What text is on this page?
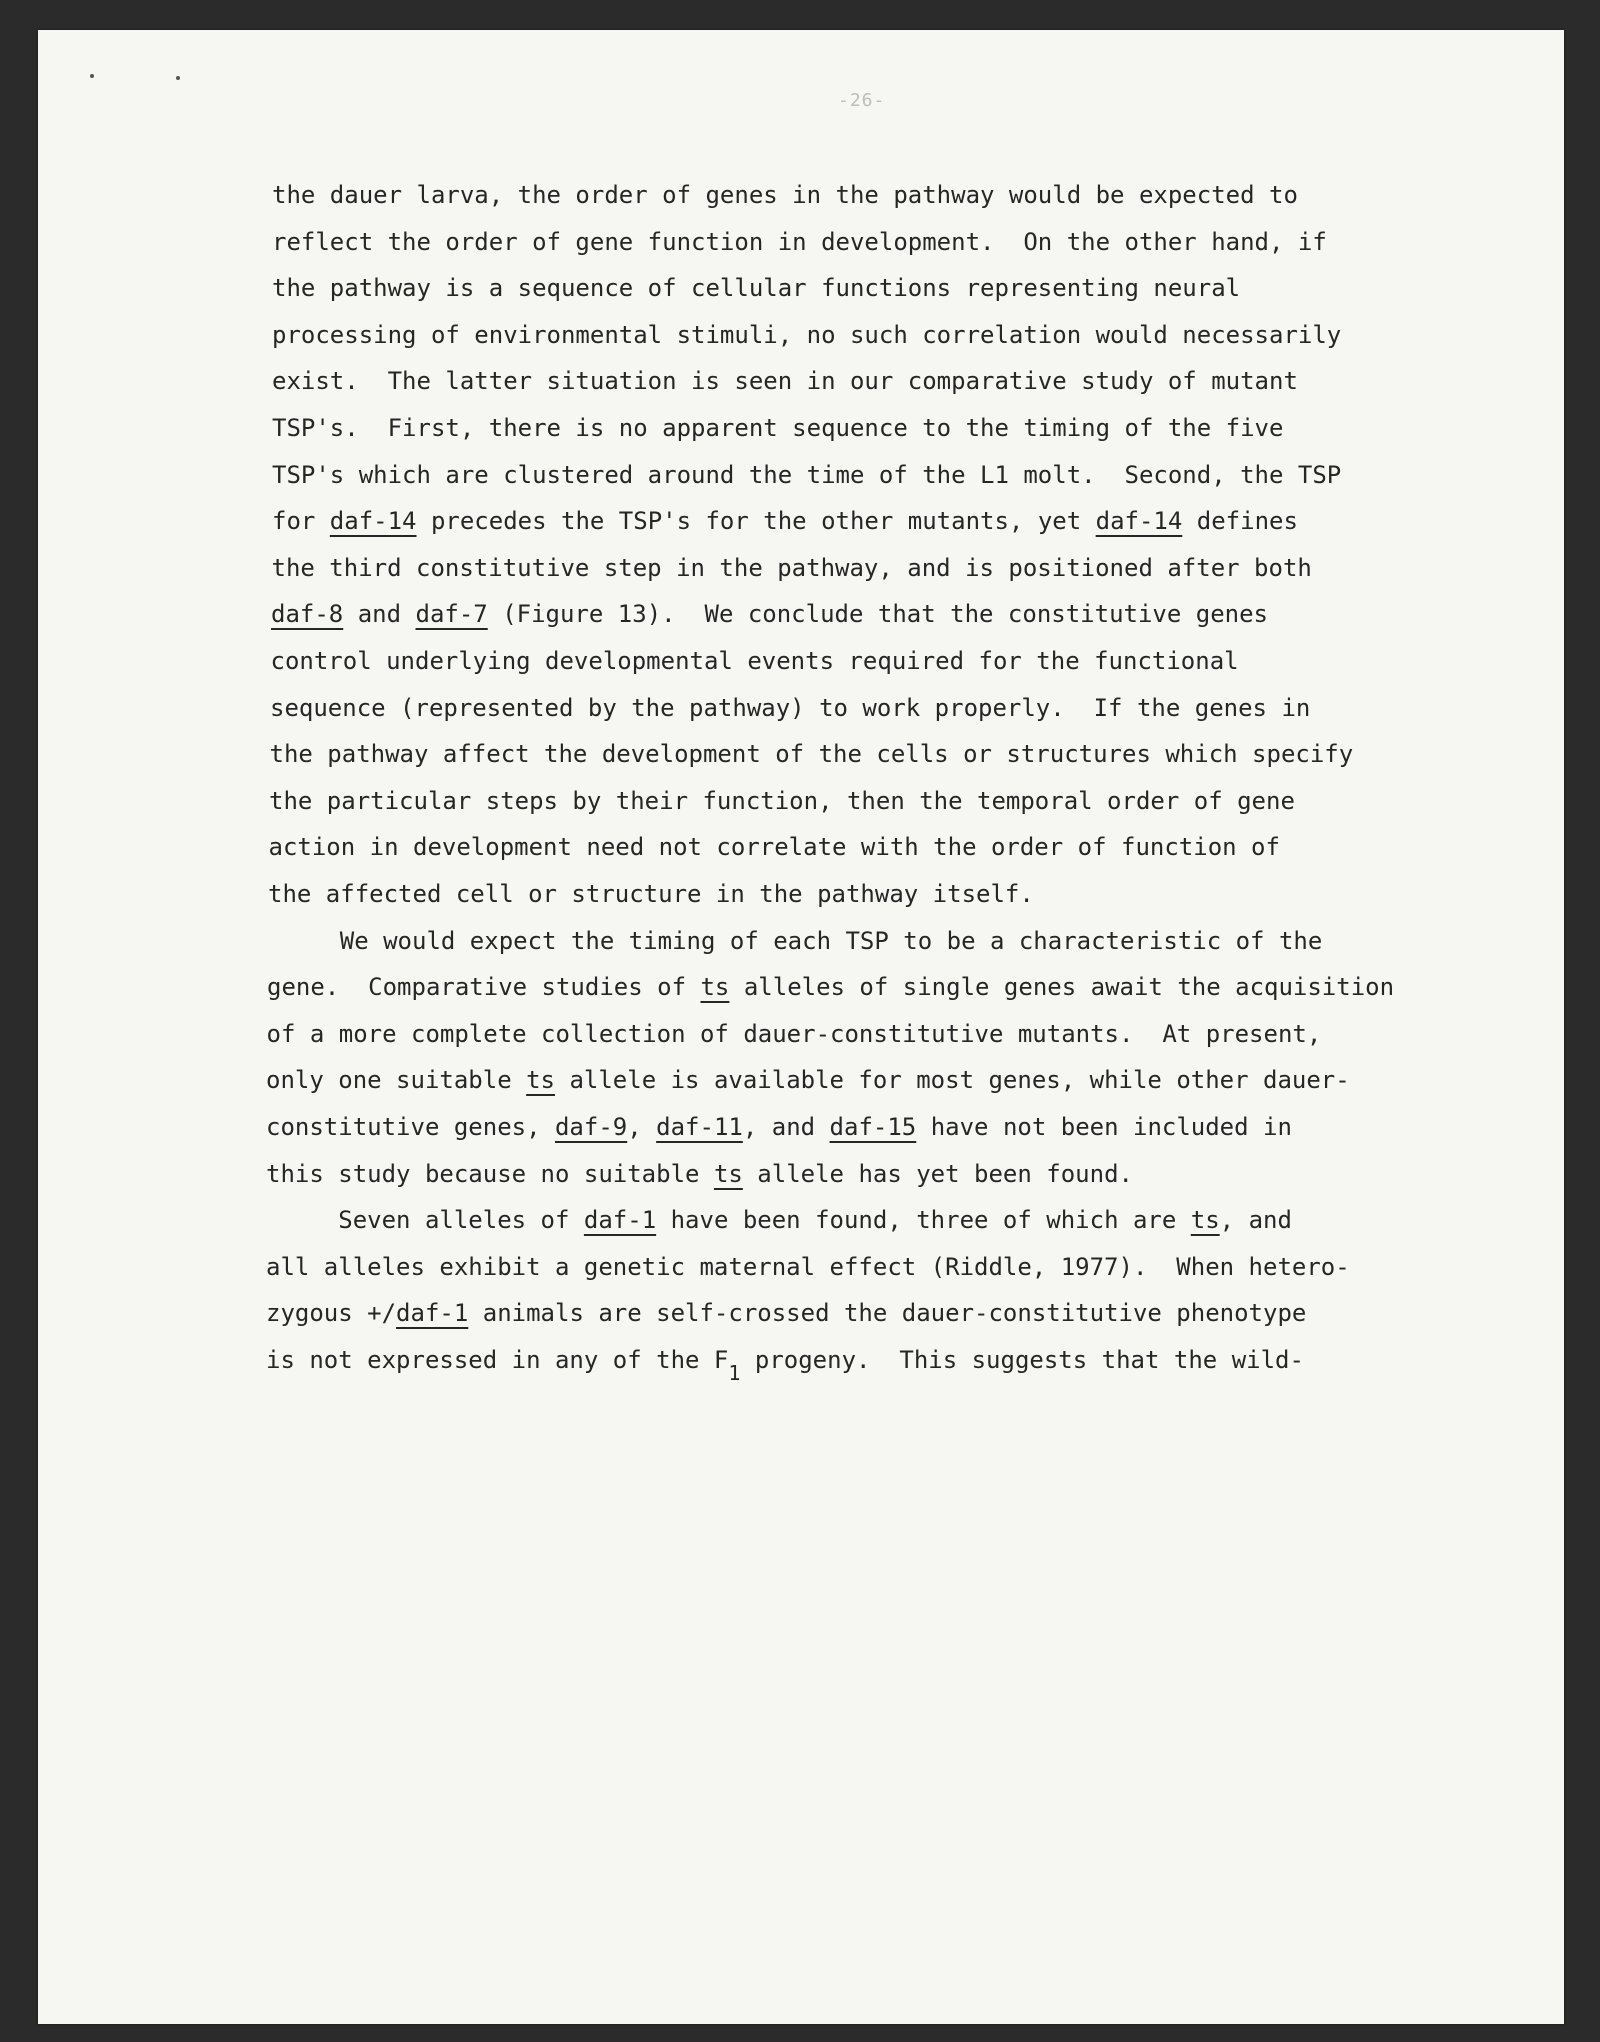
-26-
the dauer larva, the order of genes in the pathway would be expected to
reflect the order of gene function in development.  On the other hand, if
the pathway is a sequence of cellular functions representing neural
processing of environmental stimuli, no such correlation would necessarily
exist.  The latter situation is seen in our comparative study of mutant
TSP's.  First, there is no apparent sequence to the timing of the five
TSP's which are clustered around the time of the L1 molt.  Second, the TSP
for daf-14 precedes the TSP's for the other mutants, yet daf-14 defines
the third constitutive step in the pathway, and is positioned after both
daf-8 and daf-7 (Figure 13).  We conclude that the constitutive genes
control underlying developmental events required for the functional
sequence (represented by the pathway) to work properly.  If the genes in
the pathway affect the development of the cells or structures which specify
the particular steps by their function, then the temporal order of gene
action in development need not correlate with the order of function of
the affected cell or structure in the pathway itself.
We would expect the timing of each TSP to be a characteristic of the
gene.  Comparative studies of ts alleles of single genes await the acquisition
of a more complete collection of dauer-constitutive mutants.  At present,
only one suitable ts allele is available for most genes, while other dauer-
constitutive genes, daf-9, daf-11, and daf-15 have not been included in
this study because no suitable ts allele has yet been found.
Seven alleles of daf-1 have been found, three of which are ts, and
all alleles exhibit a genetic maternal effect (Riddle, 1977).  When hetero-
zygous +/daf-1 animals are self-crossed the dauer-constitutive phenotype
is not expressed in any of the $F_1$ progeny.  This suggests that the wild-
